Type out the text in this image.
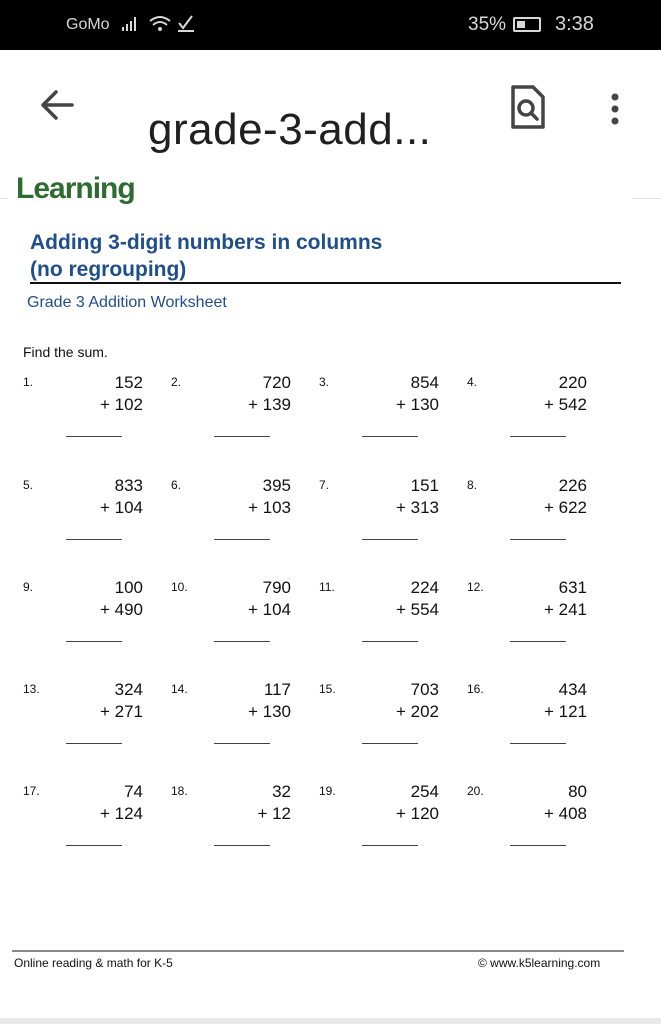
GoMo	35% 3:38
grade-3-add...
Learning
Adding 3-digit numbers in columns
(no regrouping)
Grade 3 Addition Worksheet
Find the sum.
1.	152
+ 102
2.	720
+ 139
3.	854
+ 130
4.	220
+ 542
5.	833
+ 104
6.	395
+ 103
7.	151
+ 313
8.	226
+ 622
9.	100
+ 490
10.	790
+ 104
11.	224
+ 554
12.	631
+ 241
13.	324
+ 271
14.	117
+ 130
15.	703
+ 202
16.	434
+ 121
17.	74
+ 124
18.	32
+ 12
19.	254
+ 120
20.	80
+ 408
Online reading & math for K-5	© www.k5learning.com
